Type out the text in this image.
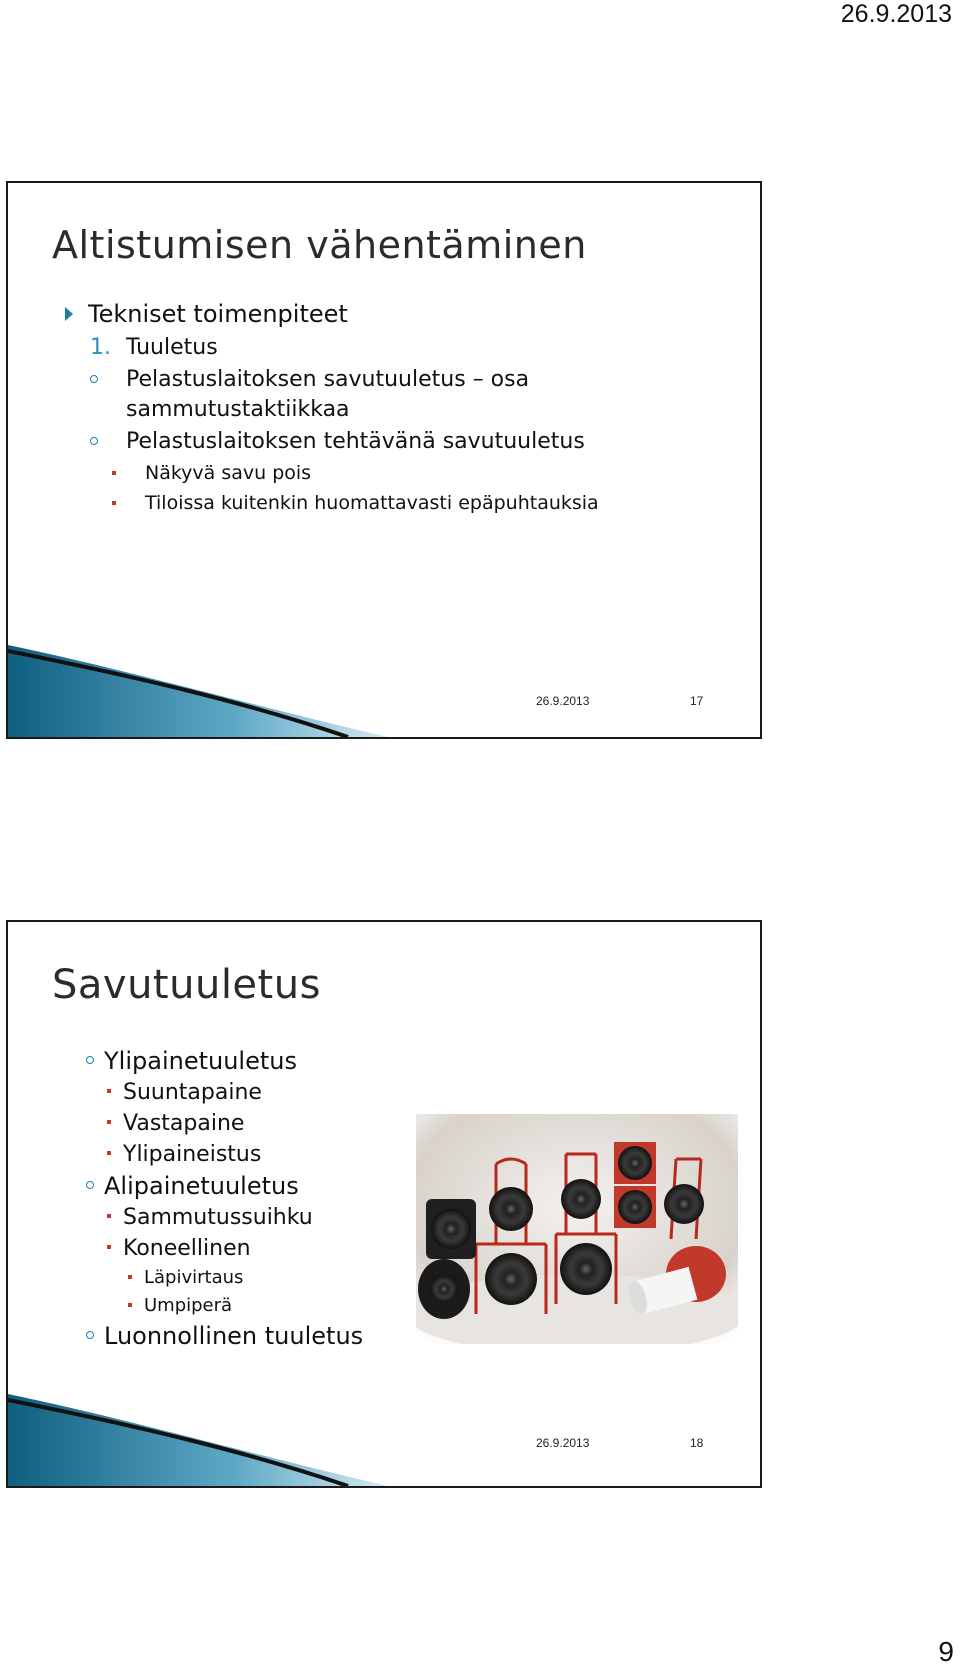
26.9.2013
Altistumisen vähentäminen
Tekniset toimenpiteet
1. Tuuletus
Pelastuslaitoksen savutuuletus – osa
sammutustaktiikkaa
Pelastuslaitoksen tehtävänä savutuuletus
Näkyvä savu pois
Tiloissa kuitenkin huomattavasti epäpuhtauksia
26.9.2013	17
Savutuuletus
Ylipainetuuletus
Suuntapaine
Vastapaine
Ylipaineistus
Alipainetuuletus
Sammutussuihku
Koneellinen
Läpivirtaus
Umpiperä
Luonnollinen tuuletus
26.9.2013	18
9
